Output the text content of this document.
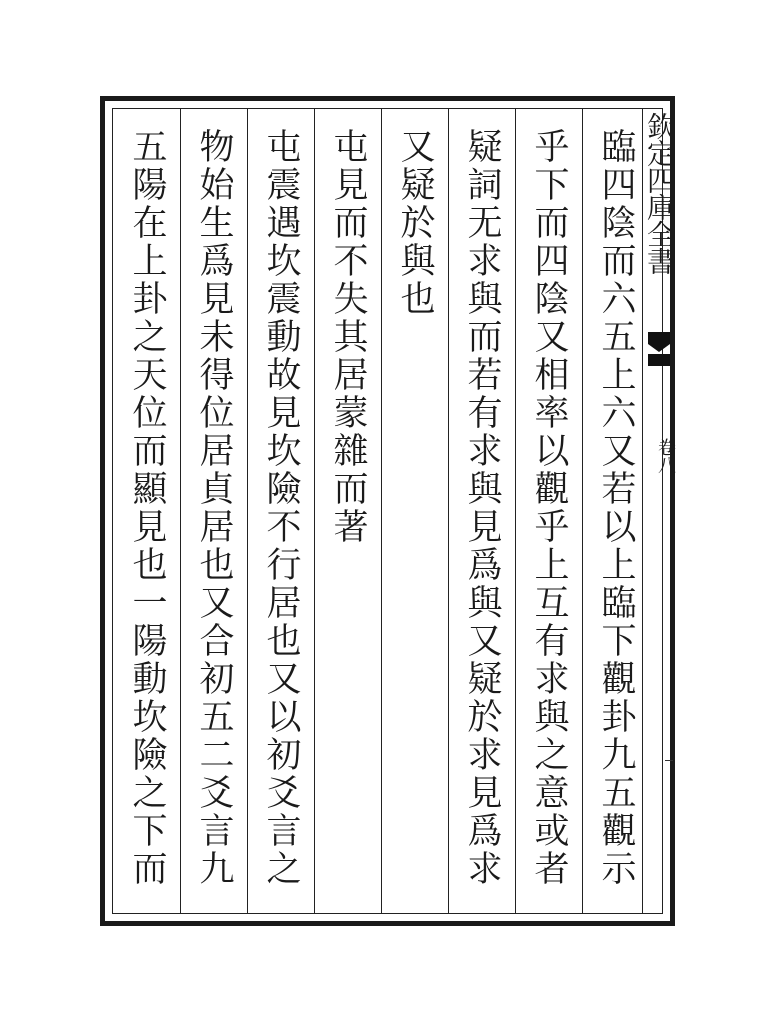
欽定四庫全書
卷八
臨四陰而六五上六又若以上臨下觀卦九五觀示
乎下而四陰又相率以觀乎上互有求與之意或者
疑詞无求與而若有求與見爲與又疑於求見爲求
又疑於與也
屯見而不失其居蒙雜而著
屯震遇坎震動故見坎險不行居也又以初爻言之
物始生爲見未得位居貞居也又合初五二爻言九
五陽在上卦之天位而顯見也一陽動坎險之下而
